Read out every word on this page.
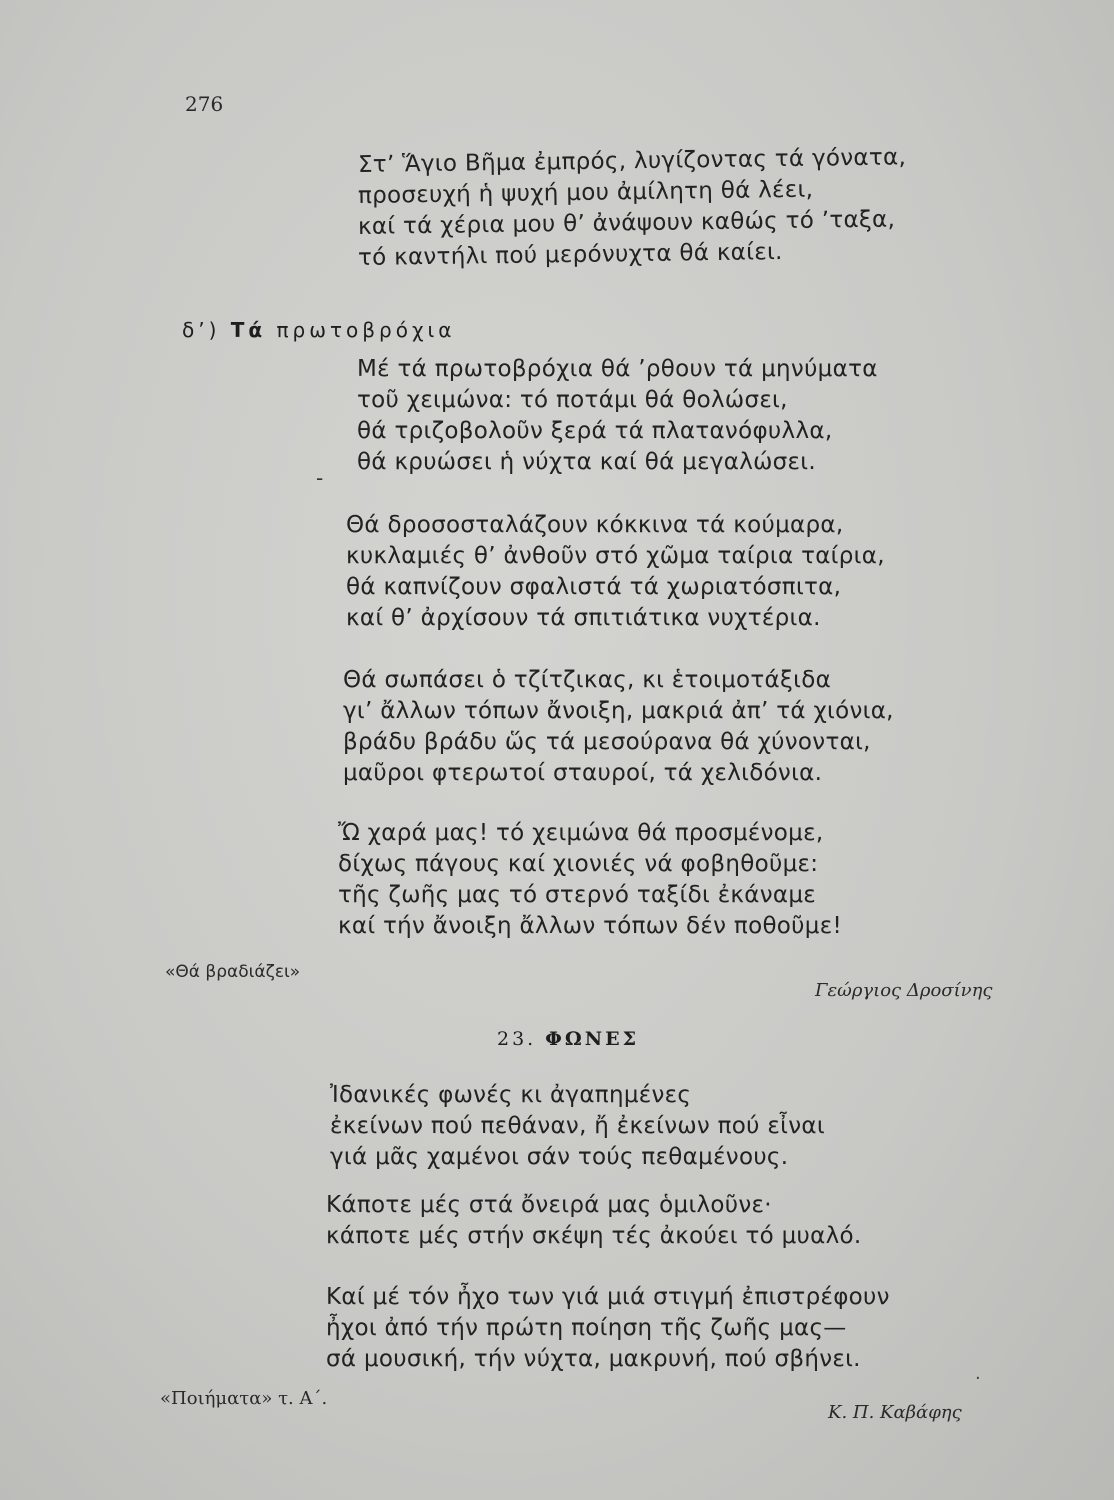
276
Στ’ Ἅγιο Βῆμα ἐμπρός, λυγίζοντας τά γόνατα,
προσευχή ἡ ψυχή μου ἀμίλητη θά λέει,
καί τά χέρια μου θ’ ἀνάψουν καθώς τό ’ταξα,
τό καντήλι πού μερόνυχτα θά καίει.
δ’) Τά πρωτοβρόχια
Μέ τά πρωτοβρόχια θά ’ρθουν τά μηνύματα
τοῦ χειμώνα: τό ποτάμι θά θολώσει,
θά τριζοβολοῦν ξερά τά πλατανόφυλλα,
θά κρυώσει ἡ νύχτα καί θά μεγαλώσει.
-
Θά δροσοσταλάζουν κόκκινα τά κούμαρα,
κυκλαμιές θ’ ἀνθοῦν στό χῶμα ταίρια ταίρια,
θά καπνίζουν σφαλιστά τά χωριατόσπιτα,
καί θ’ ἀρχίσουν τά σπιτιάτικα νυχτέρια.
Θά σωπάσει ὁ τζίτζικας, κι ἑτοιμοτάξιδα
γι’ ἄλλων τόπων ἄνοιξη, μακριά ἀπ’ τά χιόνια,
βράδυ βράδυ ὥς τά μεσούρανα θά χύνονται,
μαῦροι φτερωτοί σταυροί, τά χελιδόνια.
Ὤ χαρά μας! τό χειμώνα θά προσμένομε,
δίχως πάγους καί χιονιές νά φοβηθοῦμε:
τῆς ζωῆς μας τό στερνό ταξίδι ἐκάναμε
καί τήν ἄνοιξη ἄλλων τόπων δέν ποθοῦμε!
«Θά βραδιάζει»
Γεώργιος Δροσίνης
23. ΦΩΝΕΣ
Ἰδανικές φωνές κι ἀγαπημένες
ἐκείνων πού πεθάναν, ἤ ἐκείνων πού εἶναι
γιά μᾶς χαμένοι σάν τούς πεθαμένους.
Κάποτε μές στά ὄνειρά μας ὁμιλοῦνε·
κάποτε μές στήν σκέψη τές ἀκούει τό μυαλό.
Καί μέ τόν ἦχο των γιά μιά στιγμή ἐπιστρέφουν
ἦχοι ἀπό τήν πρώτη ποίηση τῆς ζωῆς μας—
σά μουσική, τήν νύχτα, μακρυνή, πού σβήνει.
·
«Ποιήματα» τ. Α΄.
Κ. Π. Καβάφης
